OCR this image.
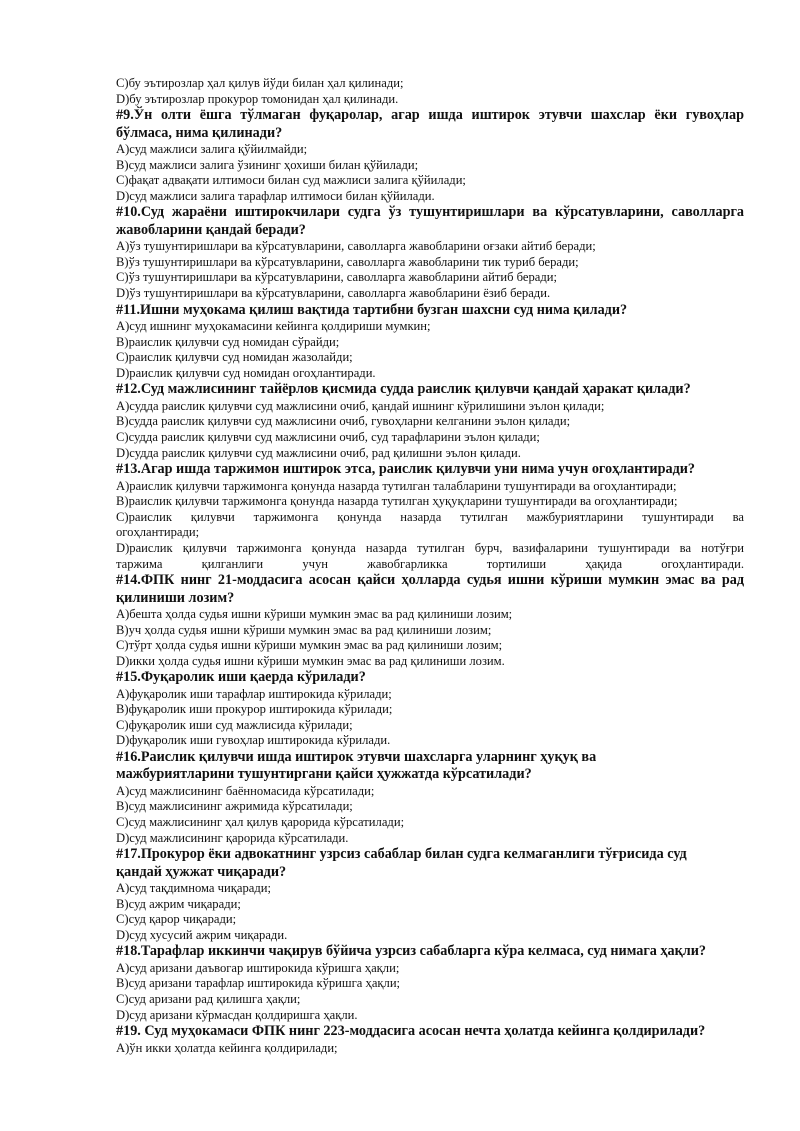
C)бу эътирозлар ҳал қилув йўди билан ҳал қилинади;
D)бу эътирозлар прокурор томонидан ҳал қилинади.
#9.Ўн олти ёшга тўлмаган фуқаролар, агар ишда иштирок этувчи шахслар ёки гувоҳлар
бўлмаса, нима қилинади?
A)суд мажлиси залига қўйилмайди;
B)суд мажлиси залига ўзининг ҳохиши билан қўйилади;
C)фақат адвақати илтимоси билан суд мажлиси залига қўйилади;
D)суд мажлиси залига тарафлар илтимоси билан қўйилади.
#10.Суд жараёни иштирокчилари судга ўз тушунтиришлари ва кўрсатувларини, саволларга
жавобларини қандай беради?
A)ўз тушунтиришлари ва кўрсатувларини, саволларга жавобларини оғзаки айтиб беради;
B)ўз тушунтиришлари ва кўрсатувларини, саволларга жавобларини тик туриб беради;
C)ўз тушунтиришлари ва кўрсатувларини, саволларга жавобларини айтиб беради;
D)ўз тушунтиришлари ва кўрсатувларини, саволларга жавобларини ёзиб беради.
#11.Ишни муҳокама қилиш вақтида тартибни бузган шахсни суд нима қилади?
A)суд ишнинг муҳокамасини кейинга қолдириши мумкин;
B)раислик қилувчи суд номидан сўрайди;
C)раислик қилувчи суд номидан жазолайди;
D)раислик қилувчи суд номидан огоҳлантиради.
#12.Суд мажлисининг тайёрлов қисмида судда раислик қилувчи қандай ҳаракат қилади?
A)судда раислик қилувчи суд мажлисини очиб, қандай ишнинг кўрилишини эълон қилади;
B)судда раислик қилувчи суд мажлисини очиб, гувоҳларни келганини эълон қилади;
C)судда раислик қилувчи суд мажлисини очиб, суд тарафларини эълон қилади;
D)судда раислик қилувчи суд мажлисини очиб, рад қилишни эълон қилади.
#13.Агар ишда таржимон иштирок этса, раислик қилувчи уни нима учун огоҳлантиради?
A)раислик қилувчи таржимонга қонунда назарда тутилган талабларини тушунтиради ва огоҳлантиради;
B)раислик қилувчи таржимонга қонунда назарда тутилган ҳуқуқларини тушунтиради ва огоҳлантиради;
C)раислик қилувчи таржимонга қонунда назарда тутилган мажбуриятларини тушунтиради ва
огоҳлантиради;
D)раислик қилувчи таржимонга қонунда назарда тутилган бурч, вазифаларини тушунтиради ва нотўғри
таржима қилганлиги учун жавобгарликка тортилиши ҳақида огоҳлантиради.
#14.ФПК нинг 21-моддасига асосан қайси ҳолларда судья ишни кўриши мумкин эмас ва рад
қилиниши лозим?
A)бешта ҳолда судья ишни кўриши мумкин эмас ва рад қилиниши лозим;
B)уч ҳолда судья ишни кўриши мумкин эмас ва рад қилиниши лозим;
C)тўрт ҳолда судья ишни кўриши мумкин эмас ва рад қилиниши лозим;
D)икки ҳолда судья ишни кўриши мумкин эмас ва рад қилиниши лозим.
#15.Фуқаролик иши қаерда кўрилади?
A)фуқаролик иши тарафлар иштирокида кўрилади;
B)фуқаролик иши прокурор иштирокида кўрилади;
C)фуқаролик иши суд мажлисида кўрилади;
D)фуқаролик иши гувоҳлар иштирокида кўрилади.
#16.Раислик қилувчи ишда иштирок этувчи шахсларга уларнинг ҳуқуқ ва
мажбуриятларини тушунтиргани қайси ҳужжатда кўрсатилади?
A)суд мажлисининг баённомасида кўрсатилади;
B)суд мажлисининг ажримида кўрсатилади;
C)суд мажлисининг ҳал қилув қарорида кўрсатилади;
D)суд мажлисининг қарорида кўрсатилади.
#17.Прокурор ёки адвокатнинг узрсиз сабаблар билан судга келмаганлиги тўғрисида суд
қандай ҳужжат чиқаради?
A)суд тақдимнома чиқаради;
B)суд ажрим чиқаради;
C)суд қарор чиқаради;
D)суд хусусий ажрим чиқаради.
#18.Тарафлар иккинчи чақирув бўйича узрсиз сабабларга кўра келмаса, суд нимага ҳақли?
A)суд аризани даъвогар иштирокида кўришга ҳақли;
B)суд аризани тарафлар иштирокида кўришга ҳақли;
C)суд аризани рад қилишга ҳақли;
D)суд аризани кўрмасдан қолдиришга ҳақли.
#19. Суд муҳокамаси ФПК нинг 223-моддасига асосан нечта ҳолатда кейинга қолдирилади?
A)ўн икки ҳолатда кейинга қолдирилади;
